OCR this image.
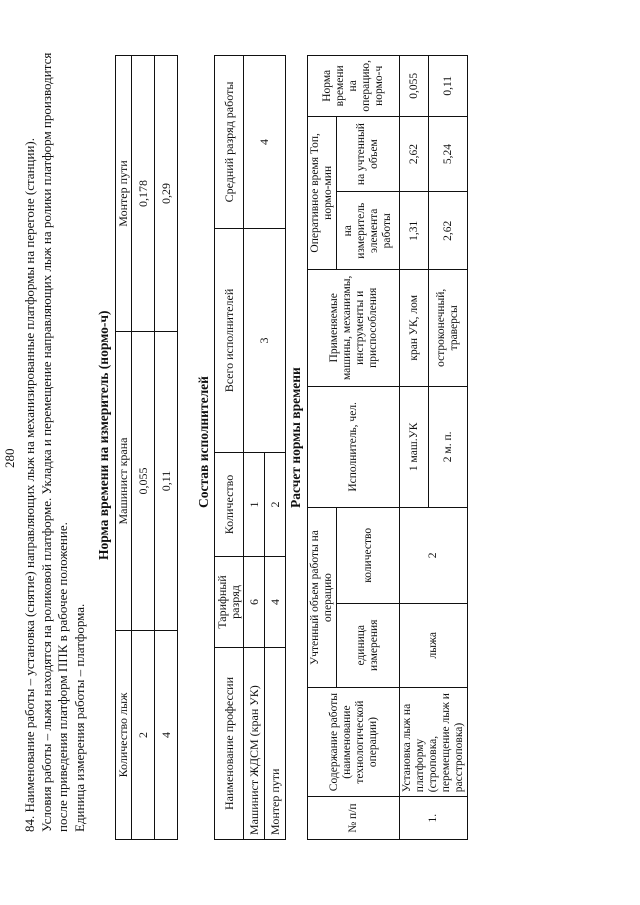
280 84. Наименование работы – установка (снятие) направляющих лыж на механизированные платформы на перегоне (станции). Условия работы – лыжи находятся на роликовой платформе. Укладка и перемещение направляющих лыж на ролики платформ производится после приведения платформ ППК в рабочее положение. Единица измерения работы – платформа.

Норма времени на измеритель (нормо-ч)
Количество лыж	Машинист крана	Монтер пути
2	0,055	0,178
4	0,11	0,29
Состав исполнителей
Наименование профессии	Тарифный разряд	Количество	Всего исполнителей	Средний разряд работы
Машинист ЖДСМ (кран УК)	6	1	3	4
Монтер пути	4	2		Расчет нормы времени
№ п/п	Содержание работы (наименование технологической операции)	Учтенный объем работы на операцию		Исполнитель, чел.	Применяемые машины, механизмы, инструменты и приспособления	Оперативное время Топ, нормо-мин		Норма времени на операцию, нормо-ч
		единица измерения	количество			на измеритель элемента работы	на учтенный объем	
1.	Установка лыж на платформу (строповка, перемещение лыж и расстроповка)	лыжа	2	1 маш.УК	кран УК, лом	1,31	2,62	0,055
				2 м. п.	остроконечный, траверсы	2,62	5,24	0,11
